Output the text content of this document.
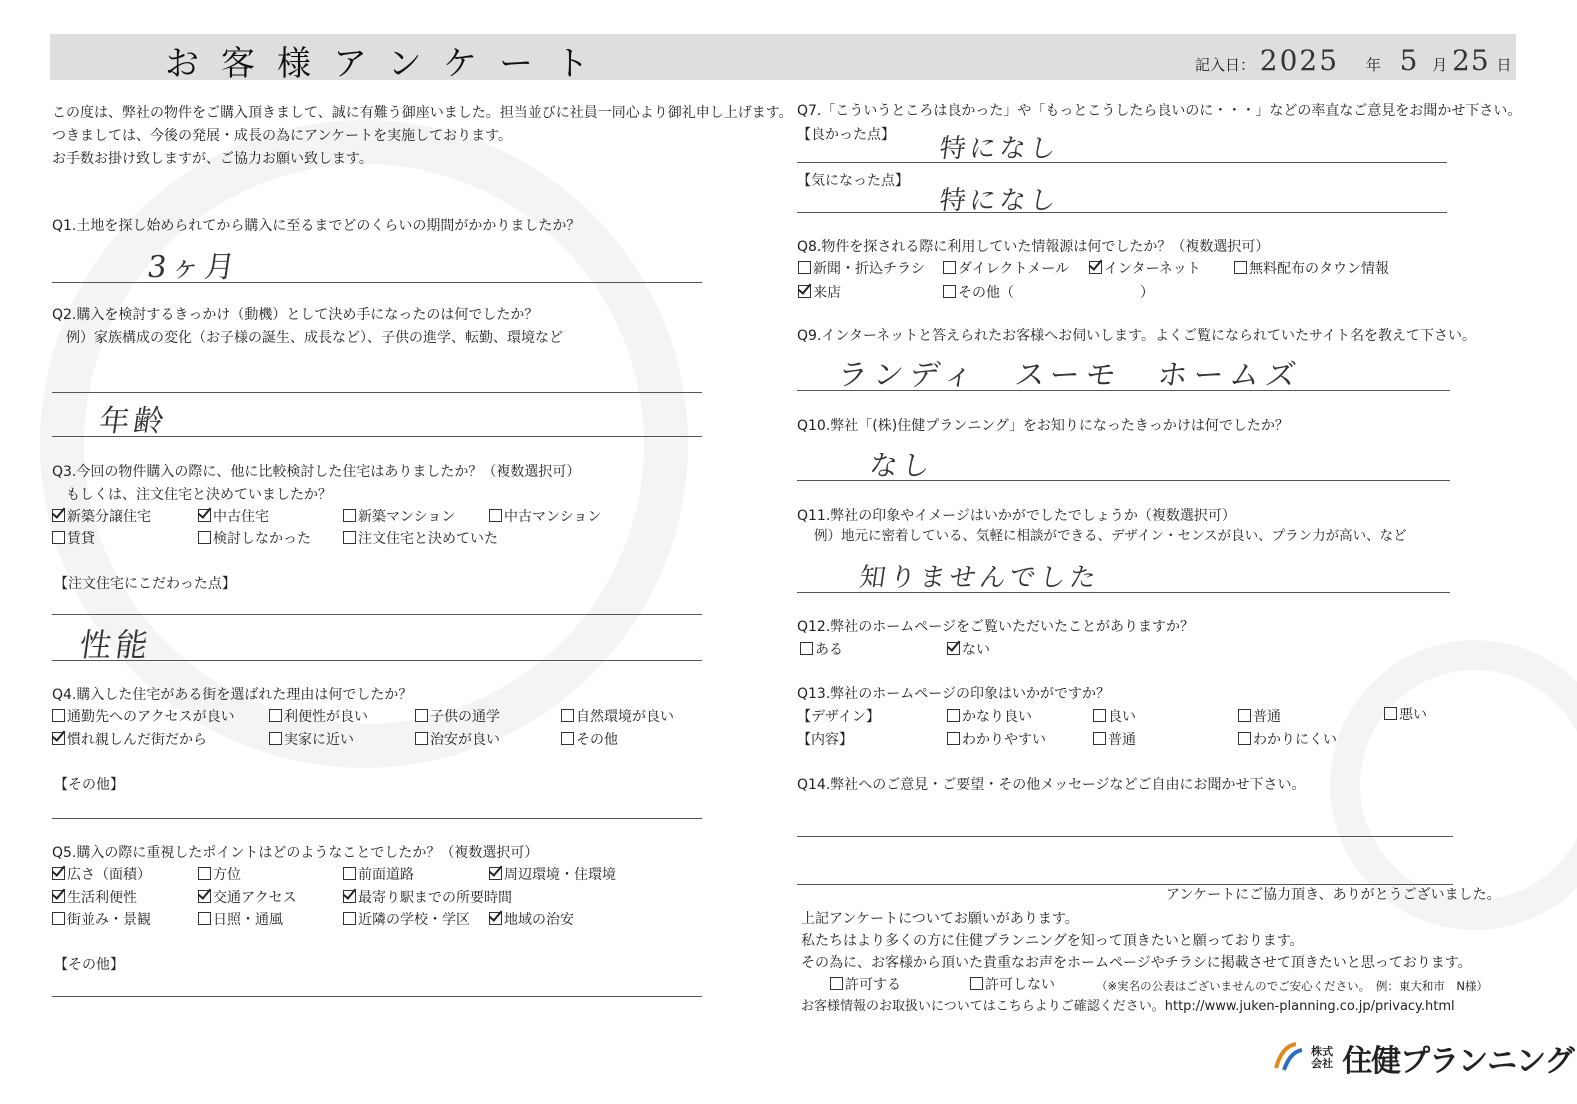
お客様アンケート	記入日： 2025 年 5 月 25 日
この度は、弊社の物件をご購入頂きまして、誠に有難う御座いました。担当並びに社員一同心より御礼申し上げます。
つきましては、今後の発展・成長の為にアンケートを実施しております。
お手数お掛け致しますが、ご協力お願い致します。
Q1.土地を探し始められてから購入に至るまでどのくらいの期間がかかりましたか？
3ヶ月
Q2.購入を検討するきっかけ（動機）として決め手になったのは何でしたか？
例）家族構成の変化（お子様の誕生、成長など）、子供の進学、転勤、環境など
年齢
Q3.今回の物件購入の際に、他に比較検討した住宅はありましたか？（複数選択可）
もしくは、注文住宅と決めていましたか？
新築分譲住宅	中古住宅	新築マンション	中古マンション
賃貸	検討しなかった	注文住宅と決めていた
【注文住宅にこだわった点】
性能
Q4.購入した住宅がある街を選ばれた理由は何でしたか？
通勤先へのアクセスが良い	利便性が良い	子供の通学	自然環境が良い
慣れ親しんだ街だから	実家に近い	治安が良い	その他
【その他】
Q5.購入の際に重視したポイントはどのようなことでしたか？（複数選択可）
広さ（面積）	方位	前面道路	周辺環境・住環境
生活利便性	交通アクセス	最寄り駅までの所要時間
街並み・景観	日照・通風	近隣の学校・学区	地域の治安
【その他】
Q7.「こういうところは良かった」や「もっとこうしたら良いのに・・・」などの率直なご意見をお聞かせ下さい。
【良かった点】 特になし
【気になった点】
特になし
Q8.物件を探される際に利用していた情報源は何でしたか？（複数選択可）
新聞・折込チラシ	ダイレクトメール	インターネット	無料配布のタウン情報
来店	その他（　　　　　　　　　）
Q9.インターネットと答えられたお客様へお伺いします。よくご覧になられていたサイト名を教えて下さい。
ランディ　スーモ　ホームズ
Q10.弊社「(株)住健プランニング」をお知りになったきっかけは何でしたか？
なし
Q11.弊社の印象やイメージはいかがでしたでしょうか（複数選択可）
例）地元に密着している、気軽に相談ができる、デザイン・センスが良い、プラン力が高い、など
知りませんでした
Q12.弊社のホームページをご覧いただいたことがありますか？
ある	ない
Q13.弊社のホームページの印象はいかがですか？
【デザイン】	かなり良い	良い	普通	悪い
【内容】	わかりやすい	普通	わかりにくい
Q14.弊社へのご意見・ご要望・その他メッセージなどご自由にお聞かせ下さい。
アンケートにご協力頂き、ありがとうございました。
上記アンケートについてお願いがあります。
私たちはより多くの方に住健プランニングを知って頂きたいと願っております。
その為に、お客様から頂いた貴重なお声をホームページやチラシに掲載させて頂きたいと思っております。
許可する	許可しない	（※実名の公表はございませんのでご安心ください。　例：東大和市　N様）
お客様情報のお取扱いについてはこちらよりご確認ください。http://www.juken-planning.co.jp/privacy.html
株式会社 住健プランニング
